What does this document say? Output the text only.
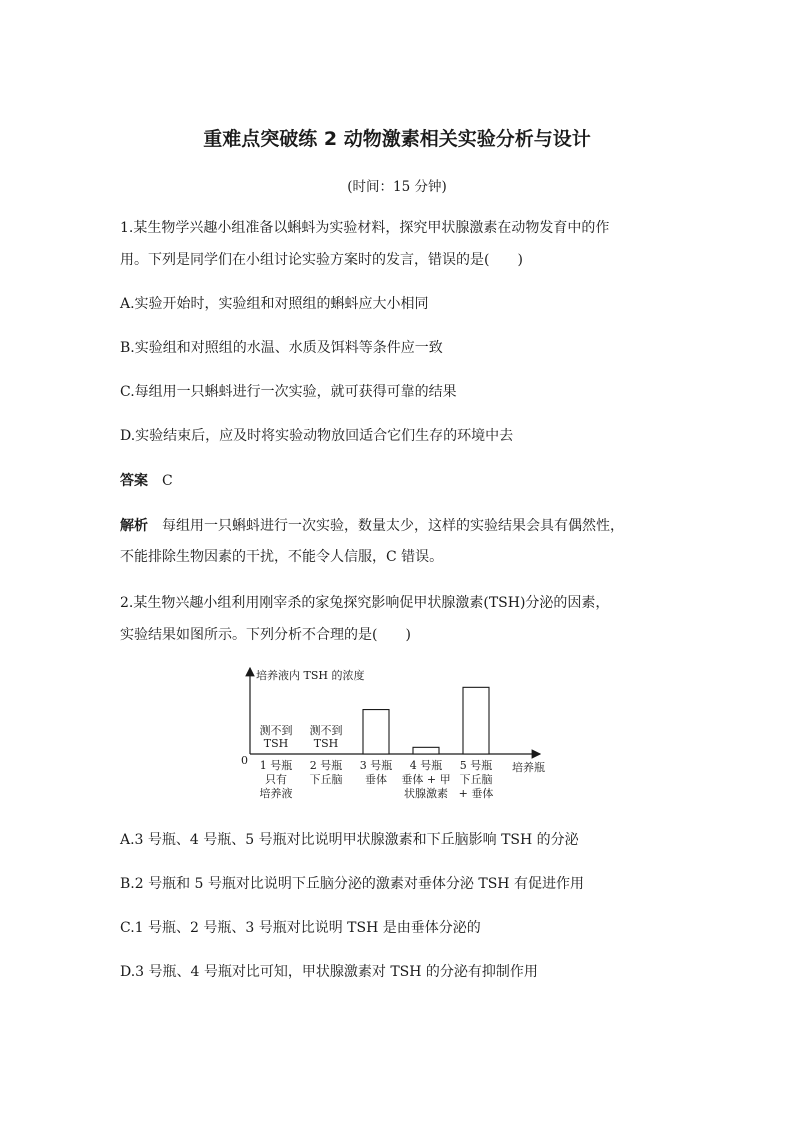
重难点突破练 2 动物激素相关实验分析与设计
(时间：15 分钟)
1.某生物学兴趣小组准备以蝌蚪为实验材料，探究甲状腺激素在动物发育中的作
用。下列是同学们在小组讨论实验方案时的发言，错误的是(　　)
A.实验开始时，实验组和对照组的蝌蚪应大小相同
B.实验组和对照组的水温、水质及饵料等条件应一致
C.每组用一只蝌蚪进行一次实验，就可获得可靠的结果
D.实验结束后，应及时将实验动物放回适合它们生存的环境中去
答案 C
解析 每组用一只蝌蚪进行一次实验，数量太少，这样的实验结果会具有偶然性，
不能排除生物因素的干扰，不能令人信服，C 错误。
2.某生物兴趣小组利用刚宰杀的家兔探究影响促甲状腺激素(TSH)分泌的因素，
实验结果如图所示。下列分析不合理的是(　　)
0
培养液内 TSH 的浓度
培养瓶
测不到
TSH
1 号瓶
只有
培养液
测不到
TSH
2 号瓶
下丘脑
3 号瓶
垂体
4 号瓶
垂体 + 甲
状腺激素
5 号瓶
下丘脑
+ 垂体
A.3 号瓶、4 号瓶、5 号瓶对比说明甲状腺激素和下丘脑影响 TSH 的分泌
B.2 号瓶和 5 号瓶对比说明下丘脑分泌的激素对垂体分泌 TSH 有促进作用
C.1 号瓶、2 号瓶、3 号瓶对比说明 TSH 是由垂体分泌的
D.3 号瓶、4 号瓶对比可知，甲状腺激素对 TSH 的分泌有抑制作用
